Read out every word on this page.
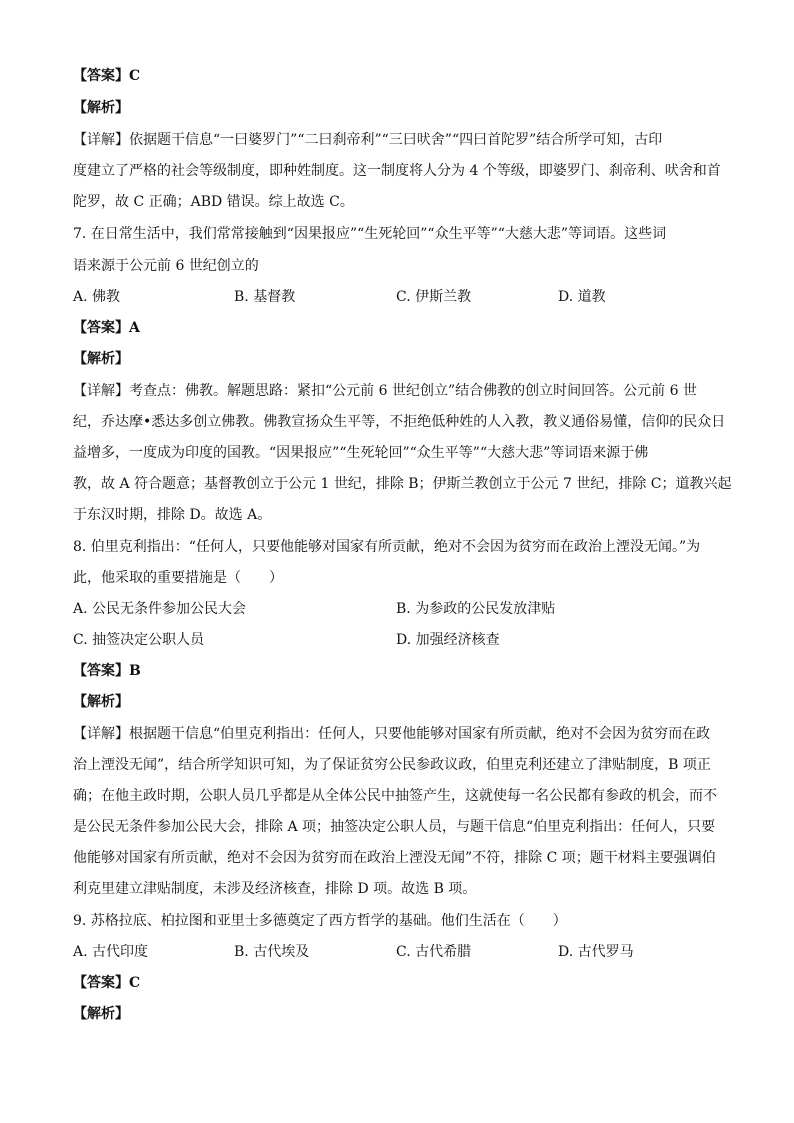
【答案】C
【解析】
【详解】依据题干信息“一曰婆罗门”“二曰刹帝利”“三曰吠舍”“四曰首陀罗”结合所学可知，古印
度建立了严格的社会等级制度，即种姓制度。这一制度将人分为 4 个等级，即婆罗门、刹帝利、吠舍和首
陀罗，故 C 正确；ABD 错误。综上故选 C。
7. 在日常生活中，我们常常接触到“因果报应”“生死轮回”“众生平等”“大慈大悲”等词语。这些词
语来源于公元前 6 世纪创立的
A. 佛教	B. 基督教	C. 伊斯兰教	D. 道教
【答案】A
【解析】
【详解】考查点：佛教。解题思路：紧扣“公元前 6 世纪创立”结合佛教的创立时间回答。公元前 6 世
纪，乔达摩•悉达多创立佛教。佛教宣扬众生平等，不拒绝低种姓的人入教，教义通俗易懂，信仰的民众日
益增多，一度成为印度的国教。“因果报应”“生死轮回”“众生平等”“大慈大悲”等词语来源于佛
教，故 A 符合题意；基督教创立于公元 1 世纪，排除 B；伊斯兰教创立于公元 7 世纪，排除 C；道教兴起
于东汉时期，排除 D。故选 A。
8. 伯里克利指出：“任何人，只要他能够对国家有所贡献，绝对不会因为贫穷而在政治上湮没无闻。”为
此，他采取的重要措施是（　　）
A. 公民无条件参加公民大会	B. 为参政的公民发放津贴
C. 抽签决定公职人员	D. 加强经济核查
【答案】B
【解析】
【详解】根据题干信息“伯里克利指出：任何人，只要他能够对国家有所贡献，绝对不会因为贫穷而在政
治上湮没无闻”，结合所学知识可知，为了保证贫穷公民参政议政，伯里克利还建立了津贴制度，B 项正
确；在他主政时期，公职人员几乎都是从全体公民中抽签产生，这就使每一名公民都有参政的机会，而不
是公民无条件参加公民大会，排除 A 项；抽签决定公职人员，与题干信息“伯里克利指出：任何人，只要
他能够对国家有所贡献，绝对不会因为贫穷而在政治上湮没无闻”不符，排除 C 项；题干材料主要强调伯
利克里建立津贴制度，未涉及经济核查，排除 D 项。故选 B 项。
9. 苏格拉底、柏拉图和亚里士多德奠定了西方哲学的基础。他们生活在（　　）
A. 古代印度	B. 古代埃及	C. 古代希腊	D. 古代罗马
【答案】C
【解析】
